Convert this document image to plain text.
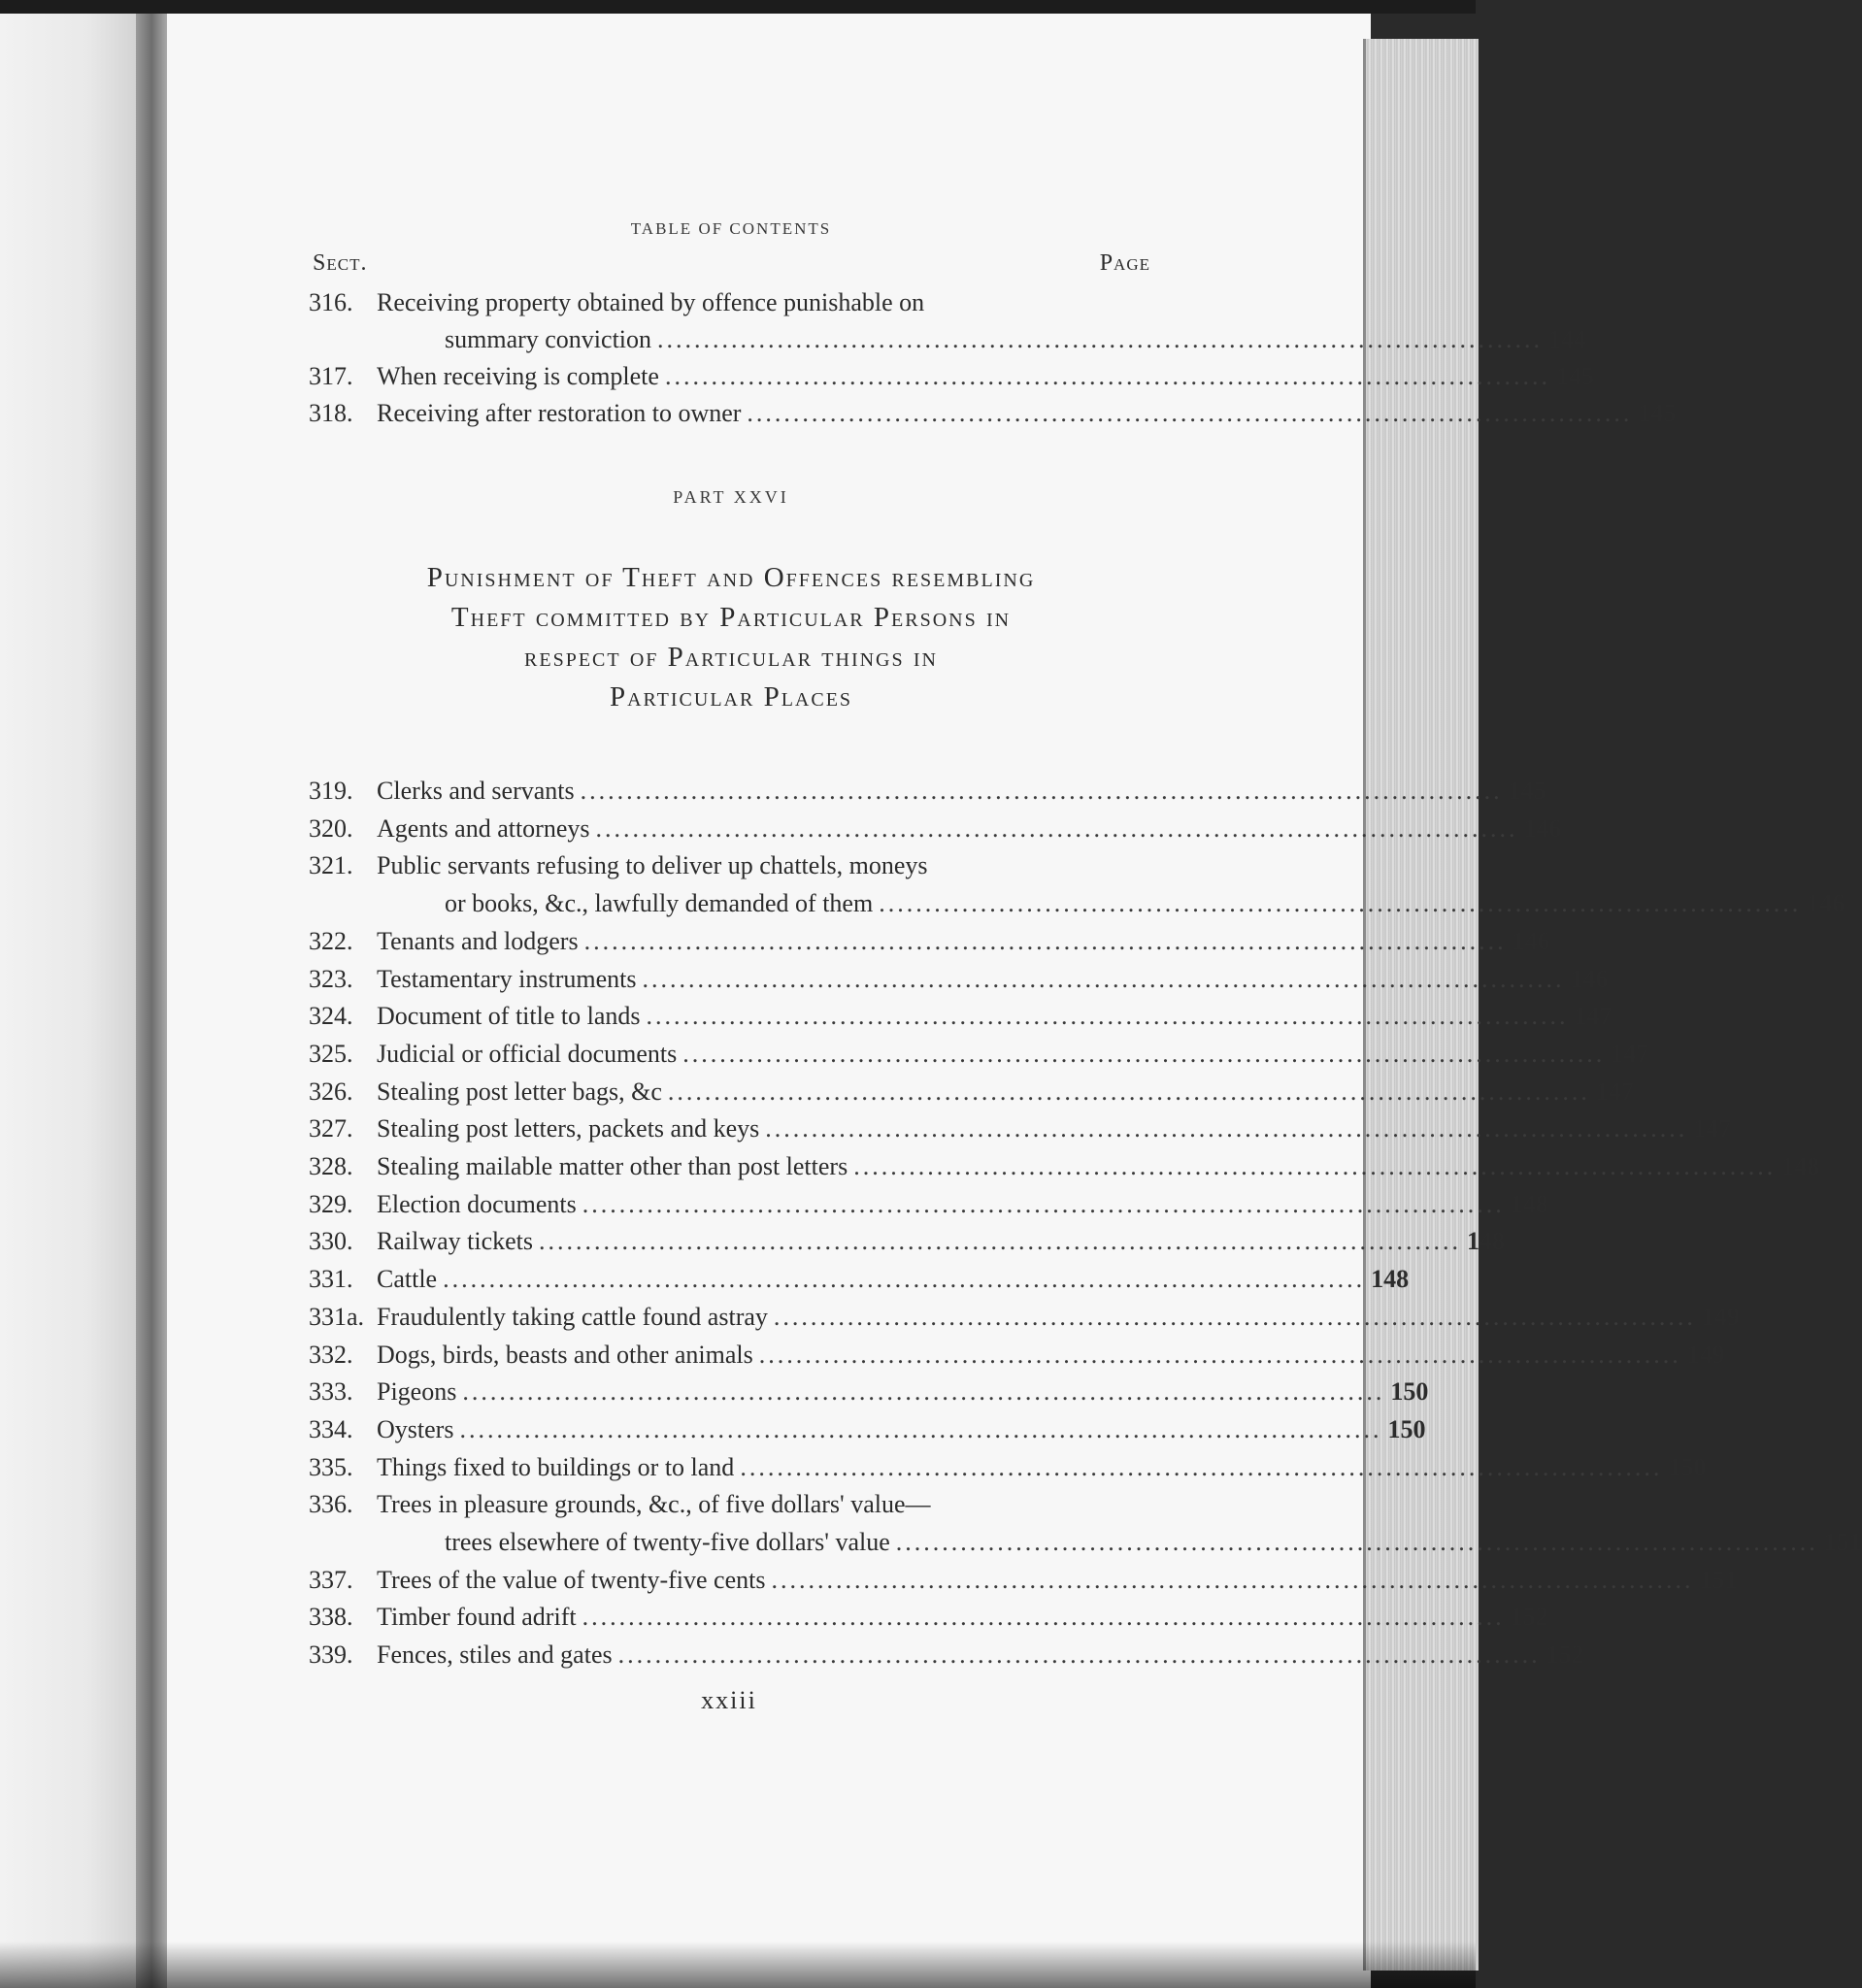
TABLE OF CONTENTS
Sect.	Page
316. Receiving property obtained by offence punishable on
summary conviction ................................................................................................ 144
317. When receiving is complete ................................................................................................ 145
318. Receiving after restoration to owner ................................................................................................ 145
PART XXVI
Punishment of Theft and Offences resembling
Theft committed by Particular Persons in
respect of Particular things in
Particular Places
319. Clerks and servants .................................................................................................... 145
320. Agents and attorneys .................................................................................................... 146
321. Public servants refusing to deliver up chattels, moneys
or books, &c., lawfully demanded of them .................................................................................................... 146
322. Tenants and lodgers .................................................................................................... 146
323. Testamentary instruments .................................................................................................... 146
324. Document of title to lands .................................................................................................... 147
325. Judicial or official documents .................................................................................................... 147
326. Stealing post letter bags, &c .................................................................................................... 147
327. Stealing post letters, packets and keys .................................................................................................... 147
328. Stealing mailable matter other than post letters .................................................................................................... 148
329. Election documents .................................................................................................... 148
330. Railway tickets .................................................................................................... 148
331. Cattle .................................................................................................... 148
331a. Fraudulently taking cattle found astray .................................................................................................... 149
332. Dogs, birds, beasts and other animals .................................................................................................... 149
333. Pigeons .................................................................................................... 150
334. Oysters .................................................................................................... 150
335. Things fixed to buildings or to land .................................................................................................... 150
336. Trees in pleasure grounds, &c., of five dollars' value—
trees elsewhere of twenty-five dollars' value .................................................................................................... 151
337. Trees of the value of twenty-five cents .................................................................................................... 151
338. Timber found adrift .................................................................................................... 152
339. Fences, stiles and gates .................................................................................................... 152
xxiii
